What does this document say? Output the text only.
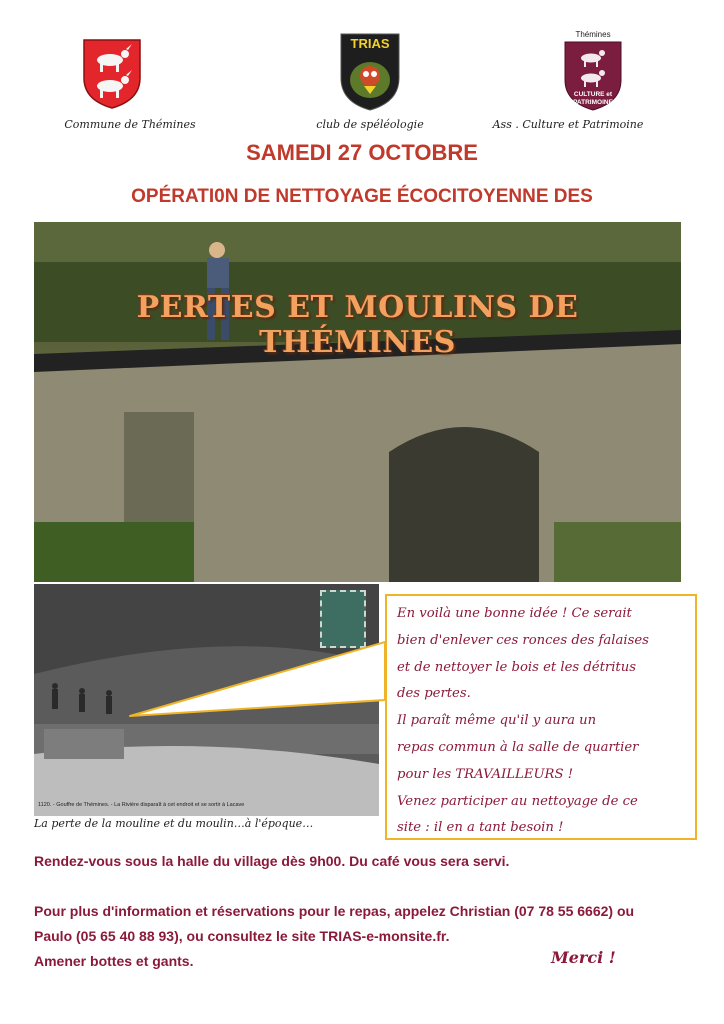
Commune de Thémines
TRIAS
club de spéléologie
Thémines
CULTURE et PATRIMOINE
Ass . Culture et Patrimoine
SAMEDI 27 OCTOBRE
OPÉRATI0N DE NETTOYAGE ÉCOCITOYENNE DES
PERTES ET MOULINS DE THÉMINES
1120. - Gouffre de Thémines. - La Rivière disparaît à cet endroit et se sortir à Lacave
La perte de la mouline et du moulin…à l'époque…
En voilà une bonne idée ! Ce serait
bien d'enlever ces ronces des falaises
et de nettoyer le bois et les détritus
des pertes.
Il paraît même qu'il y aura un
repas commun à la salle de quartier
pour les TRAVAILLEURS !
Venez participer au nettoyage de ce
site : il en a tant besoin !
Rendez-vous sous la halle du village dès 9h00. Du café vous sera servi.
Pour plus d'information et réservations pour le repas, appelez Christian (07 78 55 6662) ou
Paulo (05 65 40 88 93), ou consultez le site TRIAS-e-monsite.fr.
Amener bottes et gants.	Merci !
